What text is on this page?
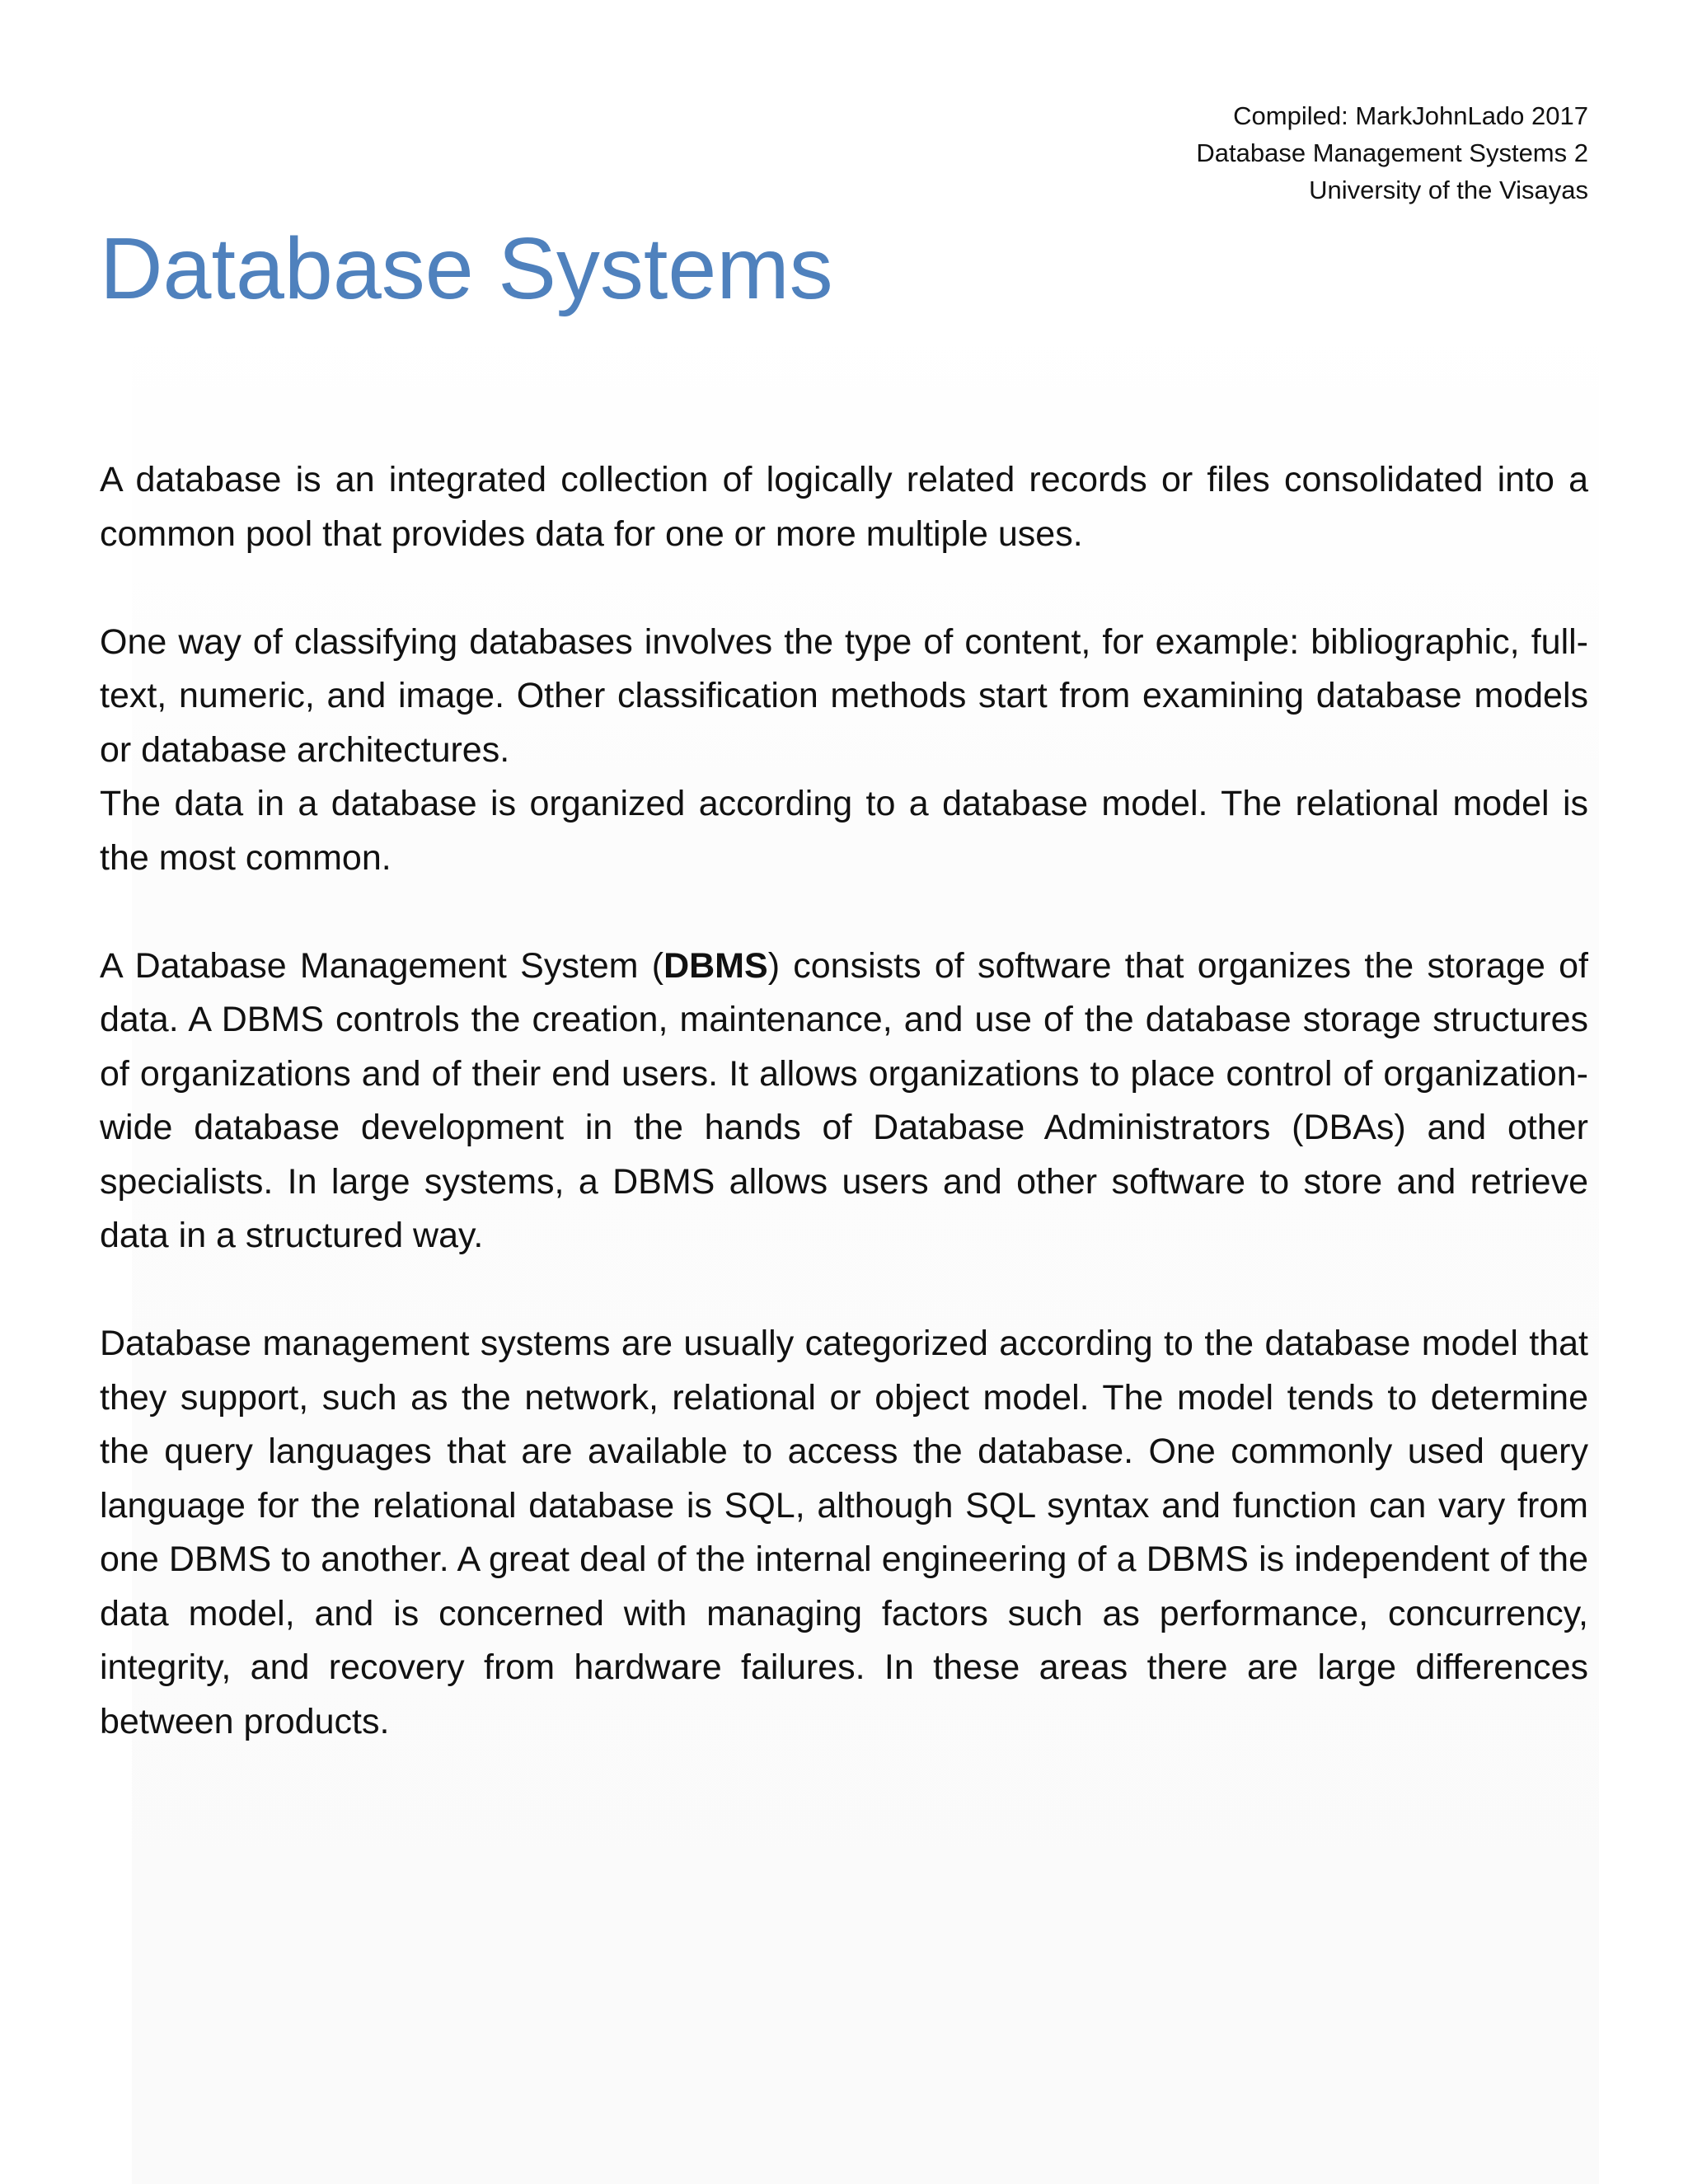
Compiled: MarkJohnLado 2017
Database Management Systems 2
University of the Visayas
Database Systems

A database is an integrated collection of logically related records or files consolidated into a common pool that provides data for one or more multiple uses.

One way of classifying databases involves the type of content, for example: bibliographic, full-text, numeric, and image. Other classification methods start from examining database models or database architectures.

The data in a database is organized according to a database model. The relational model is the most common.

A Database Management System (DBMS) consists of software that organizes the storage of data. A DBMS controls the creation, maintenance, and use of the database storage structures of organizations and of their end users. It allows organizations to place control of organization-wide database development in the hands of Database Administrators (DBAs) and other specialists. In large systems, a DBMS allows users and other software to store and retrieve data in a structured way.

Database management systems are usually categorized according to the database model that they support, such as the network, relational or object model. The model tends to determine the query languages that are available to access the database. One commonly used query language for the relational database is SQL, although SQL syntax and function can vary from one DBMS to another. A great deal of the internal engineering of a DBMS is independent of the data model, and is concerned with managing factors such as performance, concurrency, integrity, and recovery from hardware failures. In these areas there are large differences between products.
